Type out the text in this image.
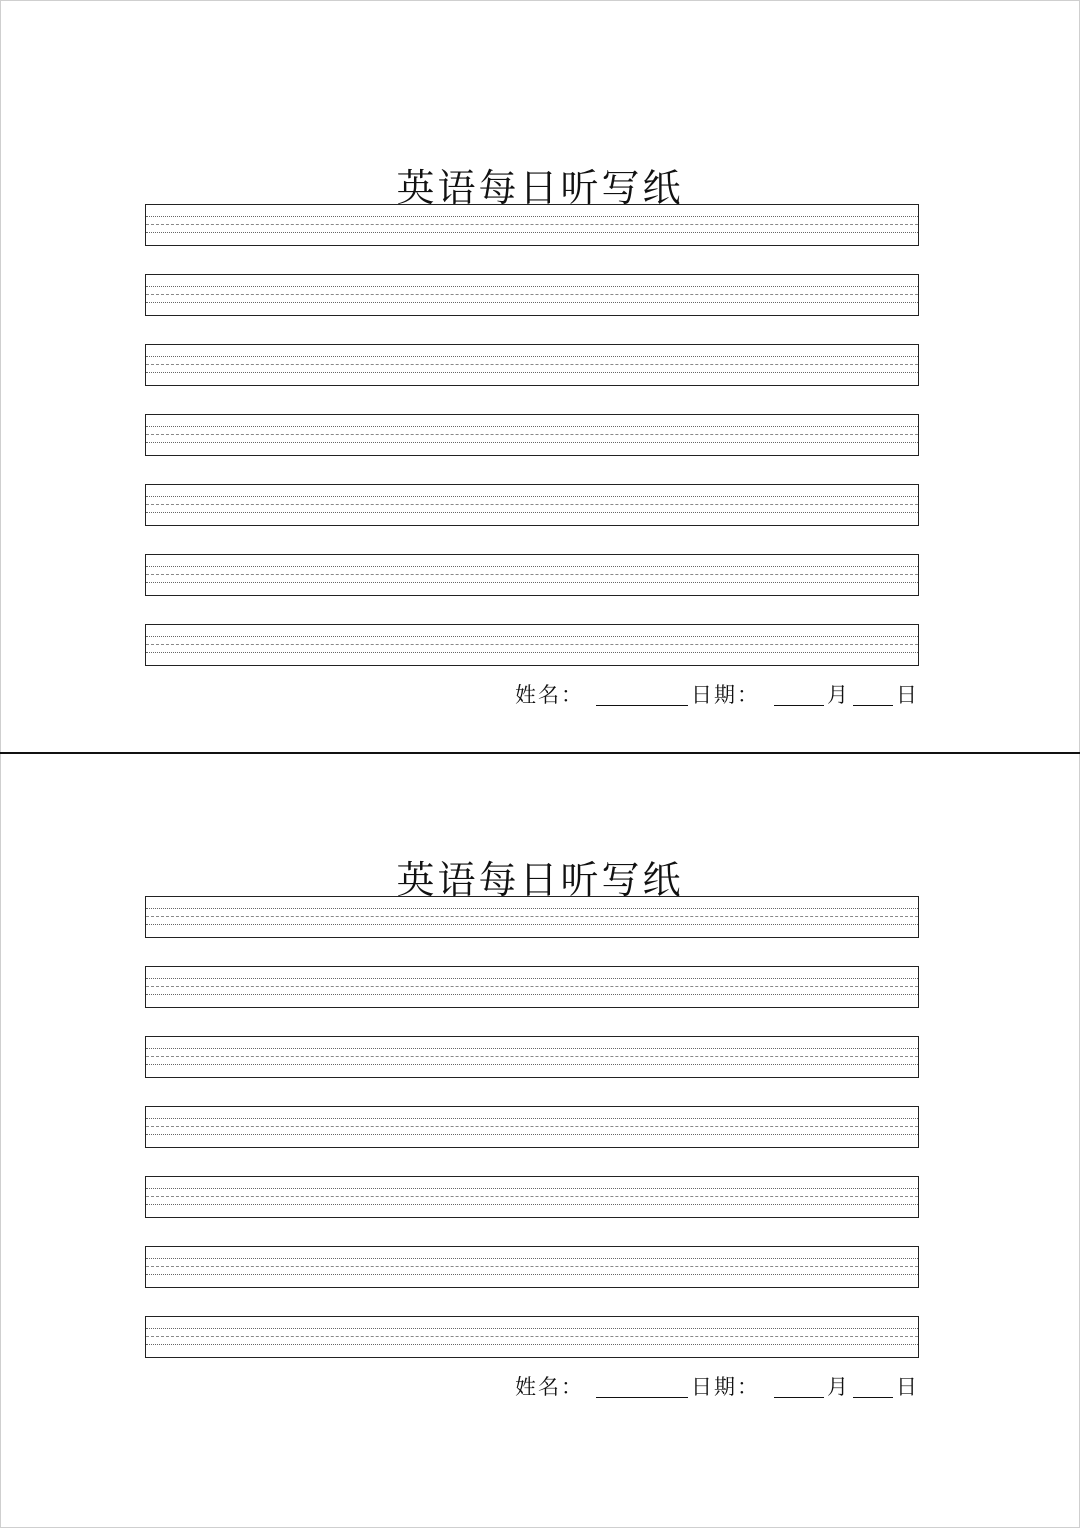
英语每日听写纸
姓名：	日期：	月 日
英语每日听写纸
姓名：	日期：	月 日
